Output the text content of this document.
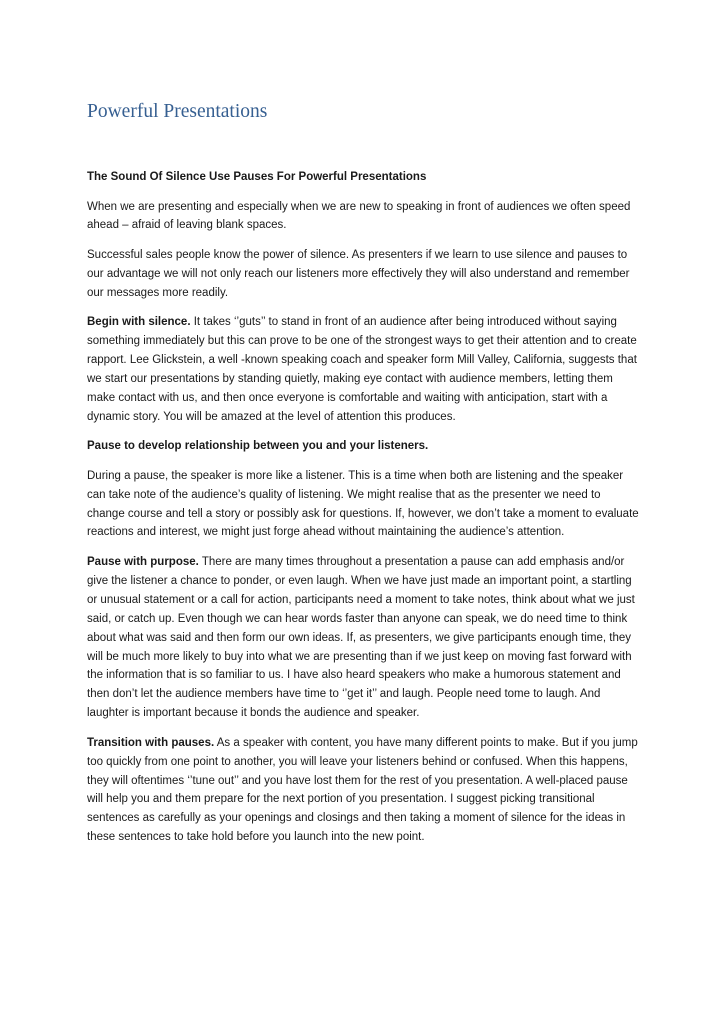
Powerful Presentations

The Sound Of Silence Use Pauses For Powerful Presentations

When we are presenting and especially when we are new to speaking in front of audiences we often speed ahead – afraid of leaving blank spaces.

Successful sales people know the power of silence. As presenters if we learn to use silence and pauses to our advantage we will not only reach our listeners more effectively they will also understand and remember our messages more readily.

Begin with silence. It takes ‘’guts’’ to stand in front of an audience after being introduced without saying something immediately but this can prove to be one of the strongest ways to get their attention and to create rapport. Lee Glickstein, a well -known speaking coach and speaker form Mill Valley, California, suggests that we start our presentations by standing quietly, making eye contact with audience members, letting them make contact with us, and then once everyone is comfortable and waiting with anticipation, start with a dynamic story. You will be amazed at the level of attention this produces.

Pause to develop relationship between you and your listeners.

During a pause, the speaker is more like a listener. This is a time when both are listening and the speaker can take note of the audience’s quality of listening. We might realise that as the presenter we need to change course and tell a story or possibly ask for questions. If, however, we don’t take a moment to evaluate reactions and interest, we might just forge ahead without maintaining the audience’s attention.

Pause with purpose. There are many times throughout a presentation a pause can add emphasis and/or give the listener a chance to ponder, or even laugh. When we have just made an important point, a startling or unusual statement or a call for action, participants need a moment to take notes, think about what we just said, or catch up. Even though we can hear words faster than anyone can speak, we do need time to think about what was said and then form our own ideas. If, as presenters, we give participants enough time, they will be much more likely to buy into what we are presenting than if we just keep on moving fast forward with the information that is so familiar to us. I have also heard speakers who make a humorous statement and then don’t let the audience members have time to ‘’get it’’ and laugh. People need tome to laugh. And laughter is important because it bonds the audience and speaker.

Transition with pauses. As a speaker with content, you have many different points to make. But if you jump too quickly from one point to another, you will leave your listeners behind or confused. When this happens, they will oftentimes ‘’tune out’’ and you have lost them for the rest of you presentation. A well-placed pause will help you and them prepare for the next portion of you presentation. I suggest picking transitional sentences as carefully as your openings and closings and then taking a moment of silence for the ideas in these sentences to take hold before you launch into the new point.
